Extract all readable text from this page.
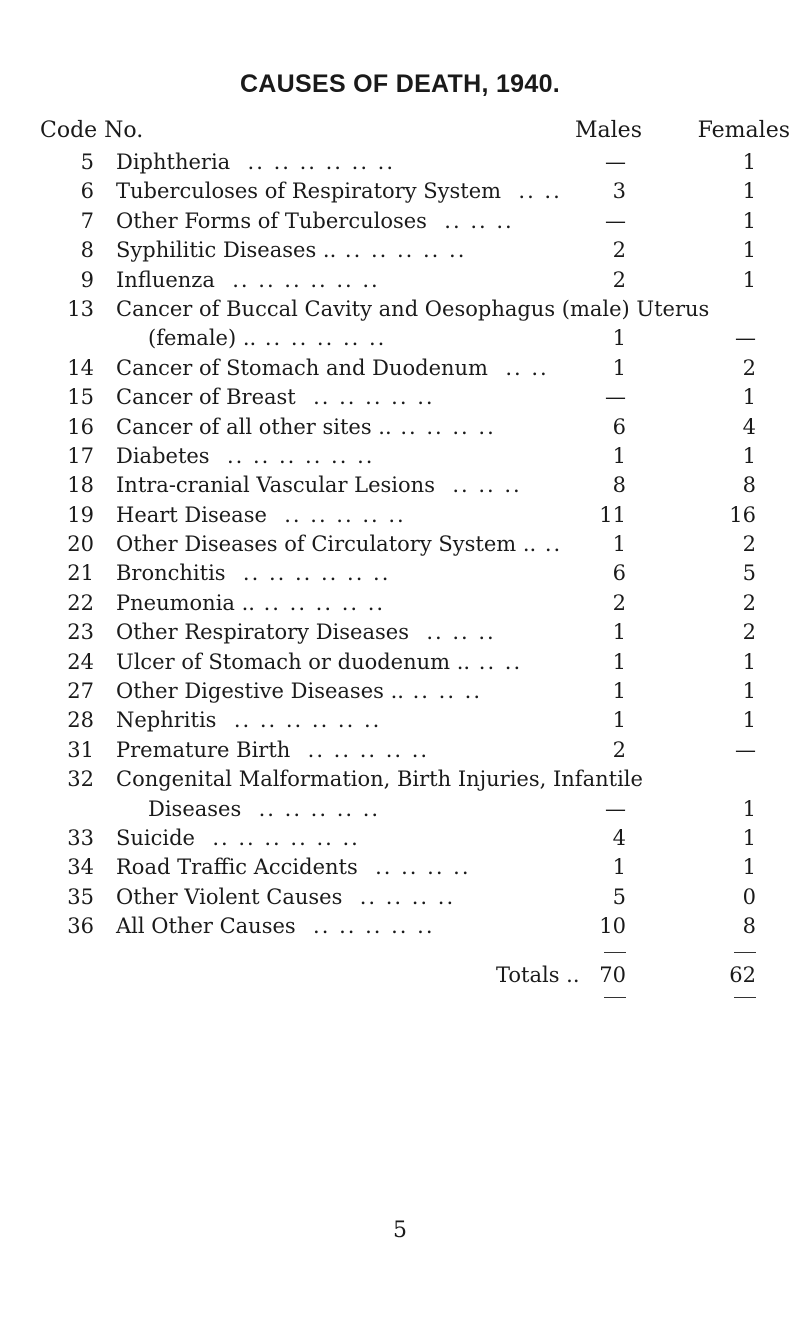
CAUSES OF DEATH, 1940.
Code No.	Males	Females
5 Diphtheria  .. .. .. .. .. ..	—	1
6 Tuberculoses of Respiratory System  .. ..	3	1
7 Other Forms of Tuberculoses  .. .. ..	—	1
8 Syphilitic Diseases .. .. .. .. .. ..	2	1
9 Influenza  .. .. .. .. .. ..	2	1
13 Cancer of Buccal Cavity and Oesophagus (male) Uterus
(female) .. .. .. .. .. ..	1	—
14 Cancer of Stomach and Duodenum  .. ..	1	2
15 Cancer of Breast  .. .. .. .. ..	—	1
16 Cancer of all other sites .. .. .. .. ..	6	4
17 Diabetes  .. .. .. .. .. ..	1	1
18 Intra-cranial Vascular Lesions  .. .. ..	8	8
19 Heart Disease  .. .. .. .. ..	11	16
20 Other Diseases of Circulatory System .. ..	1	2
21 Bronchitis  .. .. .. .. .. ..	6	5
22 Pneumonia .. .. .. .. .. ..	2	2
23 Other Respiratory Diseases  .. .. ..	1	2
24 Ulcer of Stomach or duodenum .. .. ..	1	1
27 Other Digestive Diseases .. .. .. ..	1	1
28 Nephritis  .. .. .. .. .. ..	1	1
31 Premature Birth  .. .. .. .. ..	2	—
32 Congenital Malformation, Birth Injuries, Infantile
Diseases  .. .. .. .. ..	—	1
33 Suicide  .. .. .. .. .. ..	4	1
34 Road Traffic Accidents  .. .. .. ..	1	1
35 Other Violent Causes  .. .. .. ..	5	0
36 All Other Causes  .. .. .. .. ..	10	8
Totals .. 70	62
5
